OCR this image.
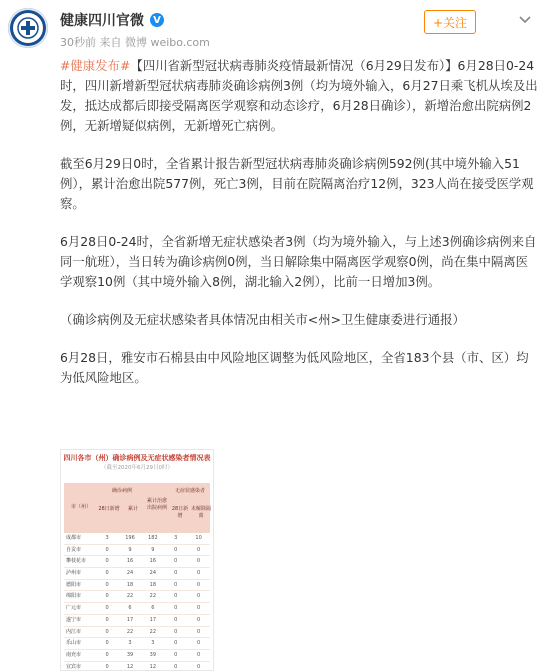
健康四川官微 V
30秒前 来自 微博 weibo.com
+关注

#健康发布#【四川省新型冠状病毒肺炎疫情最新情况（6月29日发布）】6月28日0-24时，四川新增新型冠状病毒肺炎确诊病例3例（均为境外输入，6月27日乘飞机从埃及出发，抵达成都后即接受隔离医学观察和动态诊疗，6月28日确诊），新增治愈出院病例2例，无新增疑似病例，无新增死亡病例。

截至6月29日0时，全省累计报告新型冠状病毒肺炎确诊病例592例(其中境外输入51例），累计治愈出院577例，死亡3例，目前在院隔离治疗12例，323人尚在接受医学观察。

6月28日0-24时，全省新增无症状感染者3例（均为境外输入，与上述3例确诊病例来自同一航班），当日转为确诊病例0例，当日解除集中隔离医学观察0例，尚在集中隔离医学观察10例（其中境外输入8例，湖北输入2例），比前一日增加3例。

（确诊病例及无症状感染者具体情况由相关市<州>卫生健康委进行通报）

6月28日，雅安市石棉县由中风险地区调整为低风险地区，全省183个县（市、区）均为低风险地区。

四川各市（州）确诊病例及无症状感染者情况表
（截至2020年6月29日0时）
市（州）
确诊病例
28日新增	累计
累计治愈出院病例
无症状感染者
28日新增
未解除隔离
成都市	3	196	182	3	10
自贡市	0	9	9	0	0
攀枝花市	0	16	16	0	0
泸州市	0	24	24	0	0
德阳市	0	18	18	0	0
绵阳市	0	22	22	0	0
广元市	0	6	6	0	0
遂宁市	0	17	17	0	0
内江市	0	22	22	0	0
乐山市	0	3	3	0	0
南充市	0	39	39	0	0
宜宾市	0	12	12	0	0
